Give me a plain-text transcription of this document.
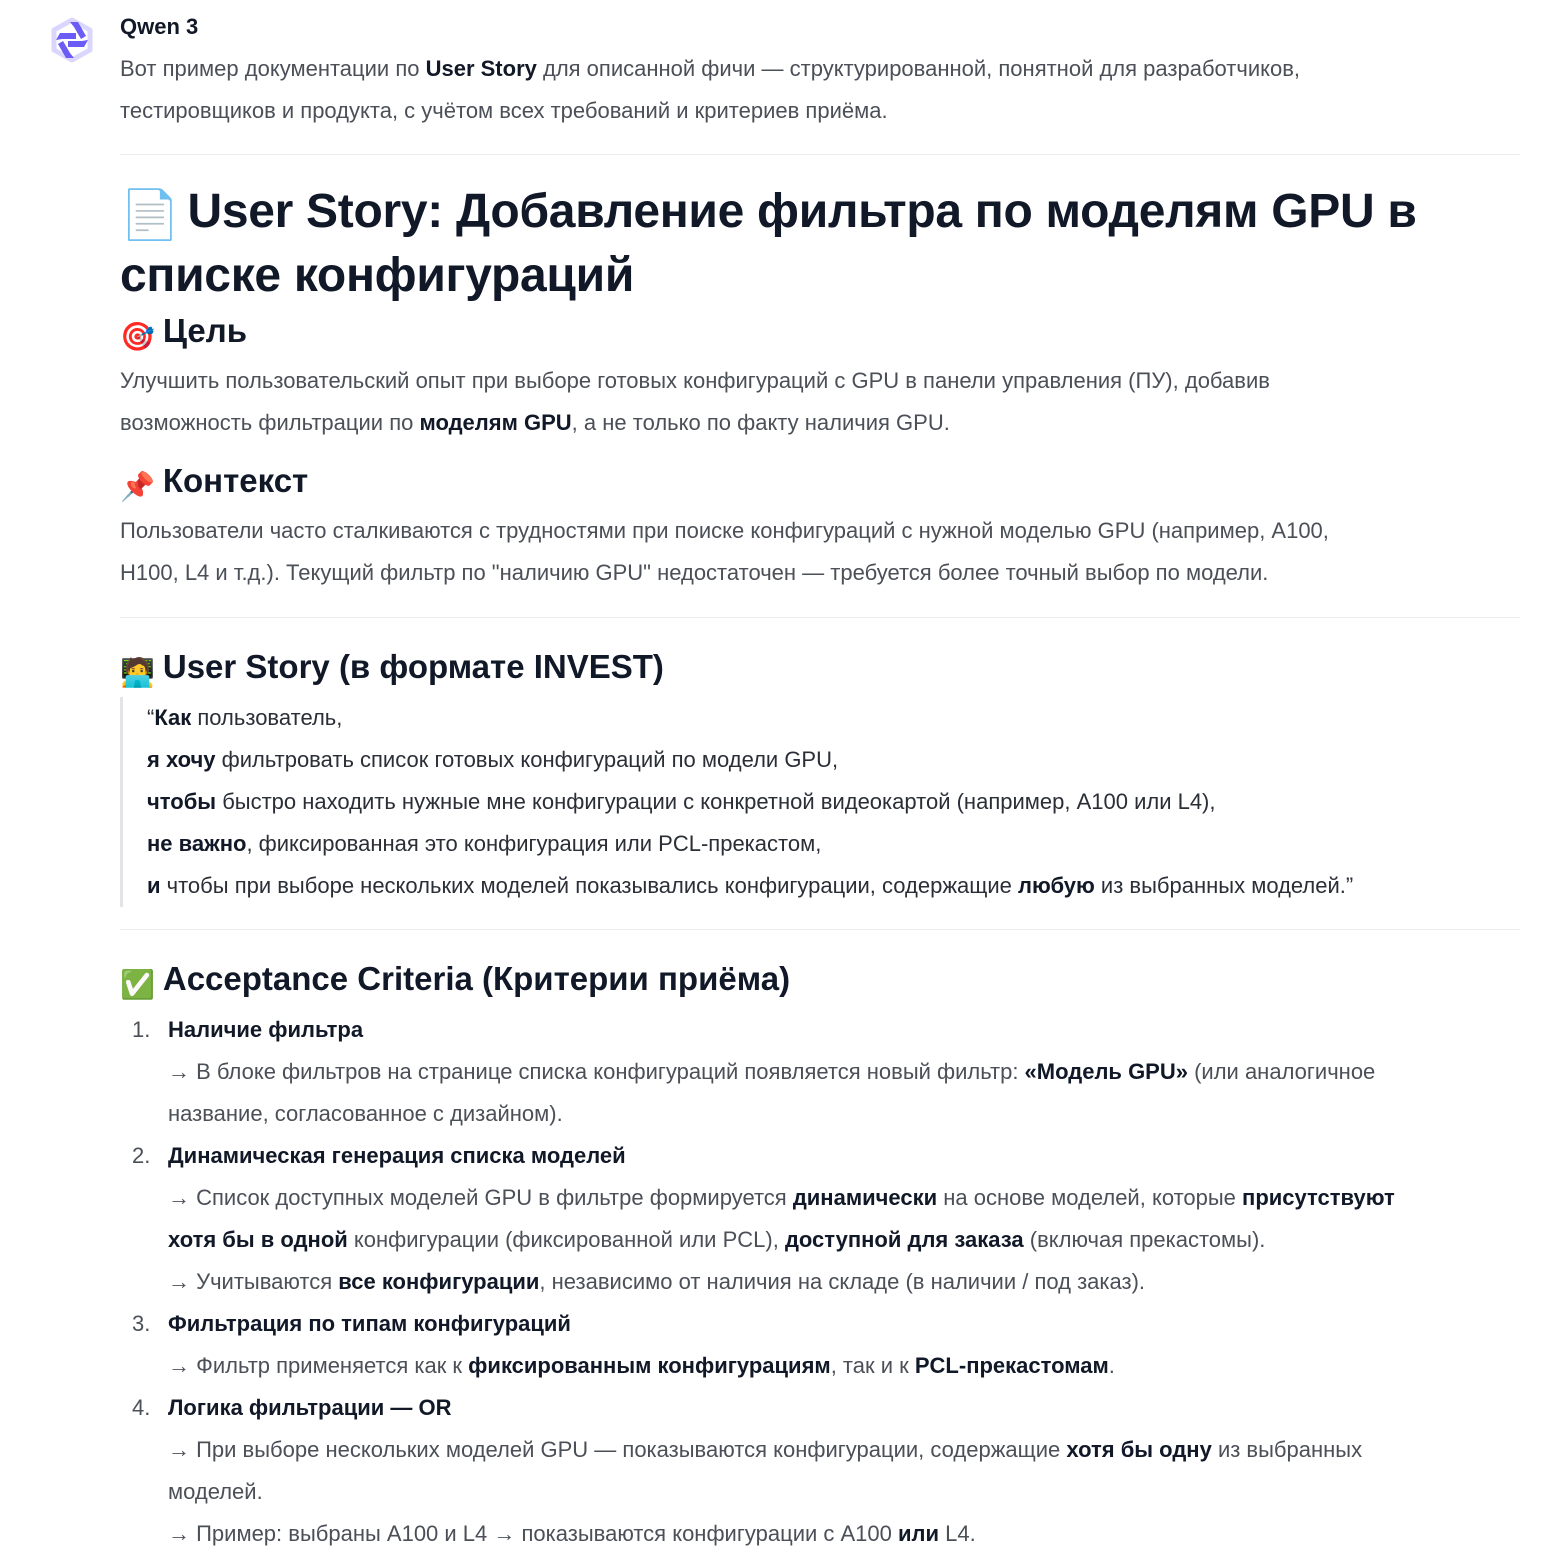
Qwen 3

Вот пример документации по User Story для описанной фичи — структурированной, понятной для разработчиков,

тестировщиков и продукта, с учётом всех требований и критериев приёма.

📄 User Story: Добавление фильтра по моделям GPU в
списке конфигураций
🎯 Цель

Улучшить пользовательский опыт при выборе готовых конфигураций с GPU в панели управления (ПУ), добавив

возможность фильтрации по моделям GPU, а не только по факту наличия GPU.

📌 Контекст

Пользователи часто сталкиваются с трудностями при поиске конфигураций с нужной моделью GPU (например, A100,

H100, L4 и т.д.). Текущий фильтр по "наличию GPU" недостаточен — требуется более точный выбор по модели.

🧑‍💻 User Story (в формате INVEST)
“Как пользователь,
я хочу фильтровать список готовых конфигураций по модели GPU,
чтобы быстро находить нужные мне конфигурации с конкретной видеокартой (например, A100 или L4),
не важно, фиксированная это конфигурация или PCL-прекастом,
и чтобы при выборе нескольких моделей показывались конфигурации, содержащие любую из выбранных моделей.”
✅ Acceptance Criteria (Критерии приёма)
1. Наличие фильтра
→ В блоке фильтров на странице списка конфигураций появляется новый фильтр: «Модель GPU» (или аналогичное
название, согласованное с дизайном).
2. Динамическая генерация списка моделей
→ Список доступных моделей GPU в фильтре формируется динамически на основе моделей, которые присутствуют
хотя бы в одной конфигурации (фиксированной или PCL), доступной для заказа (включая прекастомы).
→ Учитываются все конфигурации, независимо от наличия на складе (в наличии / под заказ).
3. Фильтрация по типам конфигураций
→ Фильтр применяется как к фиксированным конфигурациям, так и к PCL-прекастомам.
4. Логика фильтрации — OR
→ При выборе нескольких моделей GPU — показываются конфигурации, содержащие хотя бы одну из выбранных
моделей.
→ Пример: выбраны A100 и L4 → показываются конфигурации с A100 или L4.
